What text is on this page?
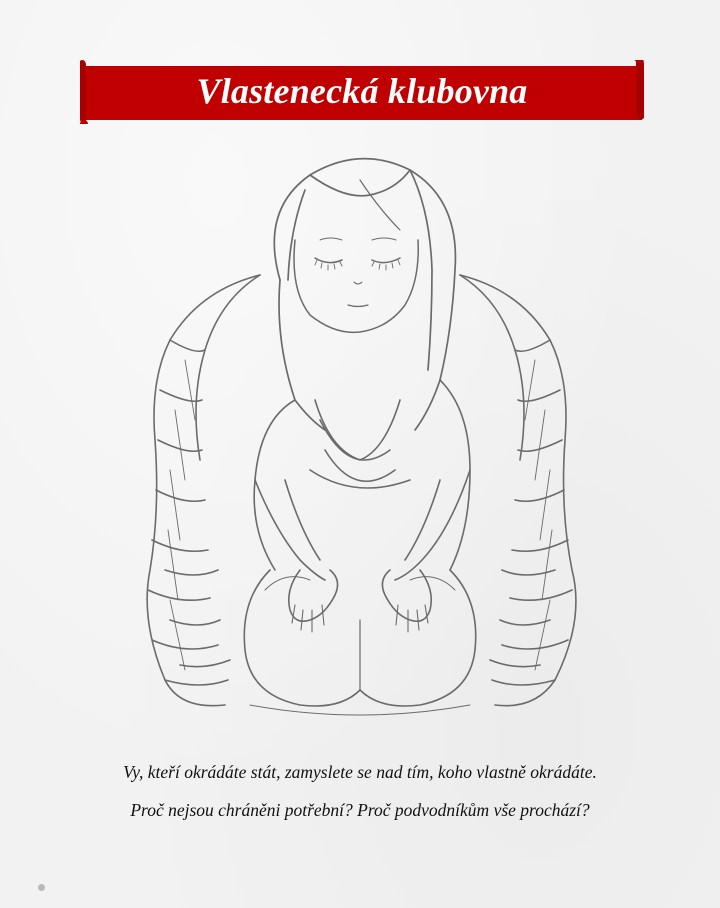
Vlastenecká klubovna
Vy, kteří okrádáte stát, zamyslete se nad tím, koho vlastně okrádáte.
Proč nejsou chráněni potřební? Proč podvodníkům vše prochází?
